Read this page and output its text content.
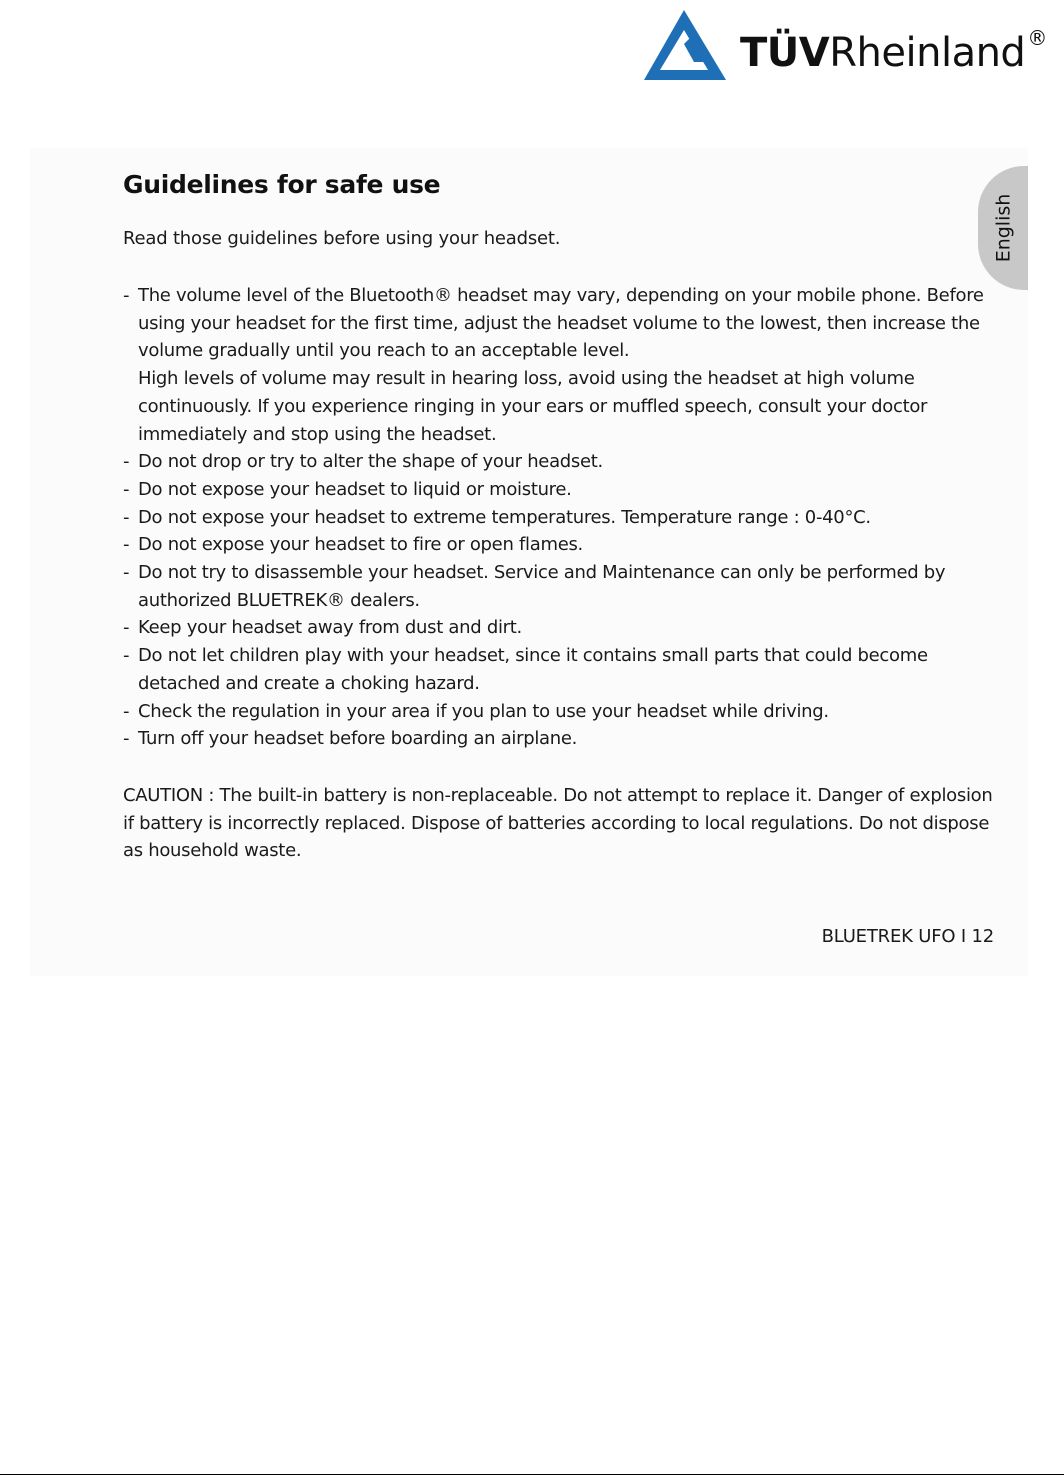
TÜVRheinland ®
English
Guidelines for safe use

Read those guidelines before using your headset.

- The volume level of the Bluetooth® headset may vary, depending on your mobile phone. Before using your headset for the first time, adjust the headset volume to the lowest, then increase the volume gradually until you reach to an acceptable level.
High levels of volume may result in hearing loss, avoid using the headset at high volume continuously. If you experience ringing in your ears or muffled speech, consult your doctor immediately and stop using the headset.
- Do not drop or try to alter the shape of your headset.
- Do not expose your headset to liquid or moisture.
- Do not expose your headset to extreme temperatures. Temperature range : 0-40°C.
- Do not expose your headset to fire or open flames.
- Do not try to disassemble your headset. Service and Maintenance can only be performed by authorized BLUETREK® dealers.
- Keep your headset away from dust and dirt.
- Do not let children play with your headset, since it contains small parts that could become detached and create a choking hazard.
- Check the regulation in your area if you plan to use your headset while driving.
- Turn off your headset before boarding an airplane.

CAUTION : The built-in battery is non-replaceable. Do not attempt to replace it. Danger of explosion if battery is incorrectly replaced. Dispose of batteries according to local regulations. Do not dispose as household waste.

BLUETREK UFO I 12
